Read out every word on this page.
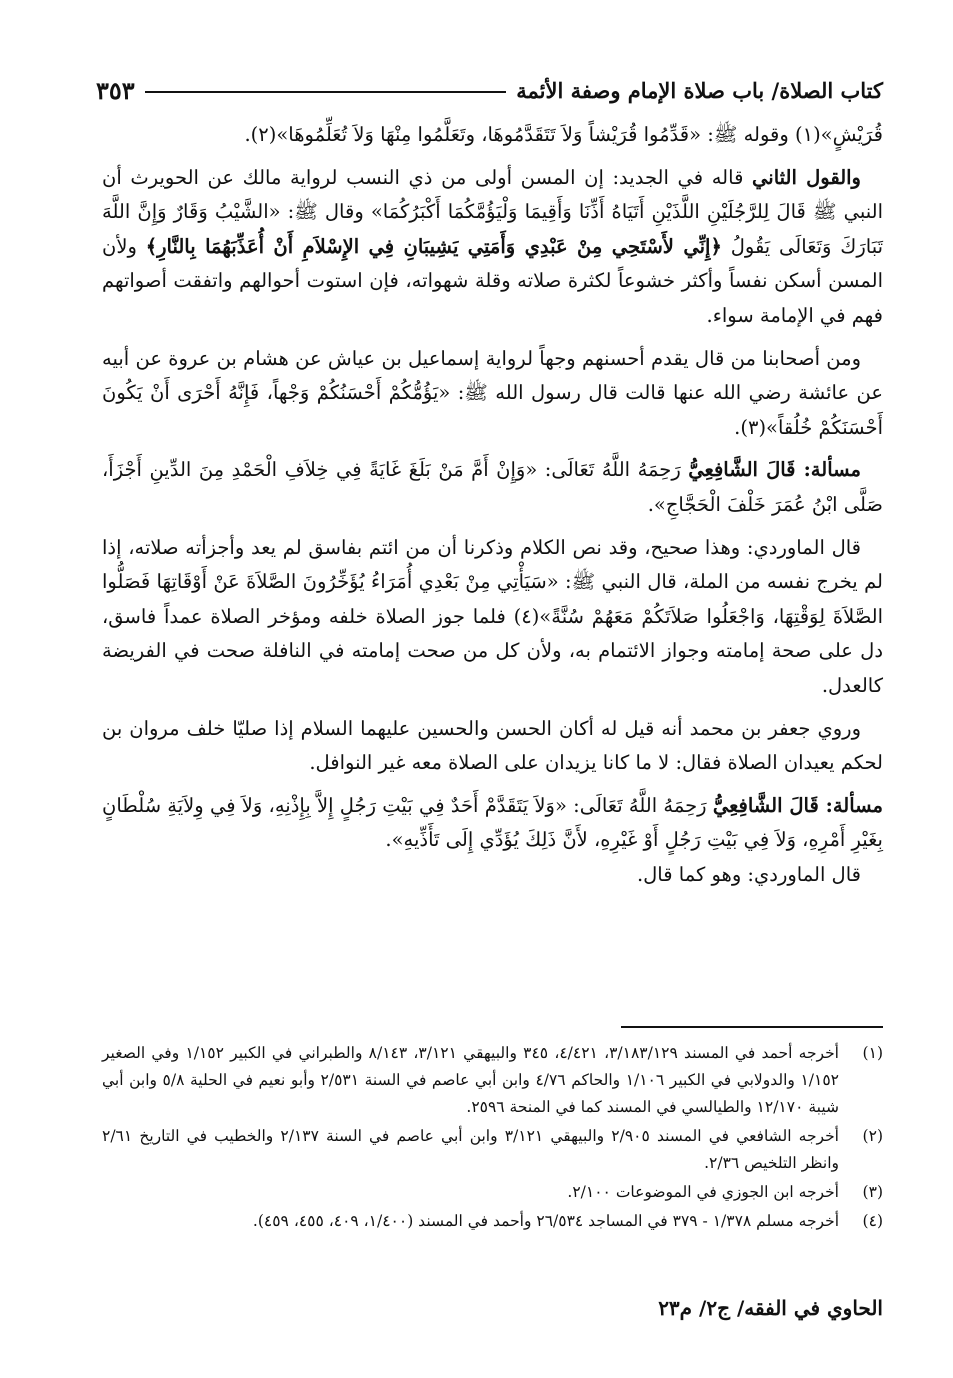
كتاب الصلاة/ باب صلاة الإمام وصفة الأئمة
٣٥٣

قُرَيْشٍ»(١) وقوله ﷺ: «قَدِّمُوا قُرَيْشاً وَلاَ تَتَقَدَّمُوهَا، وتَعَلَّمُوا مِنْهَا وَلاَ تُعَلِّمُوهَا»(٢).

والقول الثاني قاله في الجديد: إن المسن أولى من ذي النسب لرواية مالك عن الحويرث أن النبي ﷺ قَالَ لِلرَّجُلَيْنِ اللَّذَيْنِ أَتَيَاهُ أَذِّنَا وَأَقِيمَا وَلْيَؤُمَّكُمَا أَكْبَرُكُمَا» وقال ﷺ: «الشَّيْبُ وَقَارٌ وَإِنَّ اللَّهَ تَبَارَكَ وَتَعَالَى يَقُولُ ﴿إِنِّي لأَسْتَحِي مِنْ عَبْدِي وَأَمَتِي يَشِيبَانِ فِي الإِسْلاَمِ أَنْ أُعَذِّبَهُمَا بِالنَّارِ﴾ ولأن المسن أسكن نفساً وأكثر خشوعاً لكثرة صلاته وقلة شهواته، فإن استوت أحوالهم واتفقت أصواتهم فهم في الإمامة سواء.

ومن أصحابنا من قال يقدم أحسنهم وجهاً لرواية إسماعيل بن عياش عن هشام بن عروة عن أبيه عن عائشة رضي الله عنها قالت قال رسول الله ﷺ: «يَؤُمُّكُمْ أَحْسَنُكُمْ وَجْهاً، فَإِنَّهُ أَحْرَى أَنْ يَكُونَ أَحْسَنَكُمْ خُلُقاً»(٣).

مسألة: قَالَ الشَّافِعِيُّ رَحِمَهُ اللَّهُ تَعَالَى: «وَإِنْ أَمَّ مَنْ بَلَغَ غَايَةً فِي خِلاَفِ الْحَمْدِ مِنَ الدِّينِ أَجْزَأَ، صَلَّى ابْنُ عُمَرَ خَلْفَ الْحَجَّاجِ».

قال الماوردي: وهذا صحيح، وقد نص الكلام وذكرنا أن من ائتم بفاسق لم يعد وأجزأته صلاته، إذا لم يخرج نفسه من الملة، قال النبي ﷺ: «سَيَأْتِي مِنْ بَعْدِي أُمَرَاءُ يُؤَخِّرُونَ الصَّلاَةَ عَنْ أَوْقَاتِهَا فَصَلُّوا الصَّلاَةَ لِوَقْتِهَا، وَاجْعَلُوا صَلاَتَكُمْ مَعَهُمْ سُنَّةً»(٤) فلما جوز الصلاة خلفه ومؤخر الصلاة عمداً فاسق، دل على صحة إمامته وجواز الائتمام به، ولأن كل من صحت إمامته في النافلة صحت في الفريضة كالعدل.

وروي جعفر بن محمد أنه قيل له أكان الحسن والحسين عليهما السلام إذا صليّا خلف مروان بن لحكم يعيدان الصلاة فقال: لا ما كانا يزيدان على الصلاة معه غير النوافل.

مسألة: قَالَ الشَّافِعِيُّ رَحِمَهُ اللَّهُ تَعَالَى: «وَلاَ يَتَقَدَّمْ أَحَدٌ فِي بَيْتِ رَجُلٍ إِلاَّ بِإِذْنِهِ، وَلاَ فِي وِلاَيَةِ سُلْطَانٍ بِغَيْرِ أَمْرِهِ، وَلاَ فِي بَيْتِ رَجُلٍ أَوْ غَيْرِهِ، لأَنَّ ذَلِكَ يُؤَدِّي إِلَى تَأَذِّيهِ».

قال الماوردي: وهو كما قال.

(١)
أخرجه أحمد في المسند ٣/١٨٣/١٢٩، ٤/٤٢١، ٣٤٥ والبيهقي ٣/١٢١، ٨/١٤٣ والطبراني في الكبير ١/١٥٢ وفي الصغير ١/١٥٢ والدولابي في الكبير ١/١٠٦ والحاكم ٤/٧٦ وابن أبي عاصم في السنة ٢/٥٣١ وأبو نعيم في الحلية ٥/٨ وابن أبي شيبة ١٢/١٧٠ والطيالسي في المسند كما في المنحة ٢٥٩٦.
(٢)
أخرجه الشافعي في المسند ٢/٩٠٥ والبيهقي ٣/١٢١ وابن أبي عاصم في السنة ٢/١٣٧ والخطيب في التاريخ ٢/٦١ وانظر التلخيص ٢/٣٦.
(٣)
أخرجه ابن الجوزي في الموضوعات ٢/١٠٠.
(٤)
أخرجه مسلم ١/٣٧٨ - ٣٧٩ في المساجد ٢٦/٥٣٤ وأحمد في المسند (١/٤٠٠، ٤٠٩، ٤٥٥، ٤٥٩).
الحاوي في الفقه/ ج٢/ م٢٣
